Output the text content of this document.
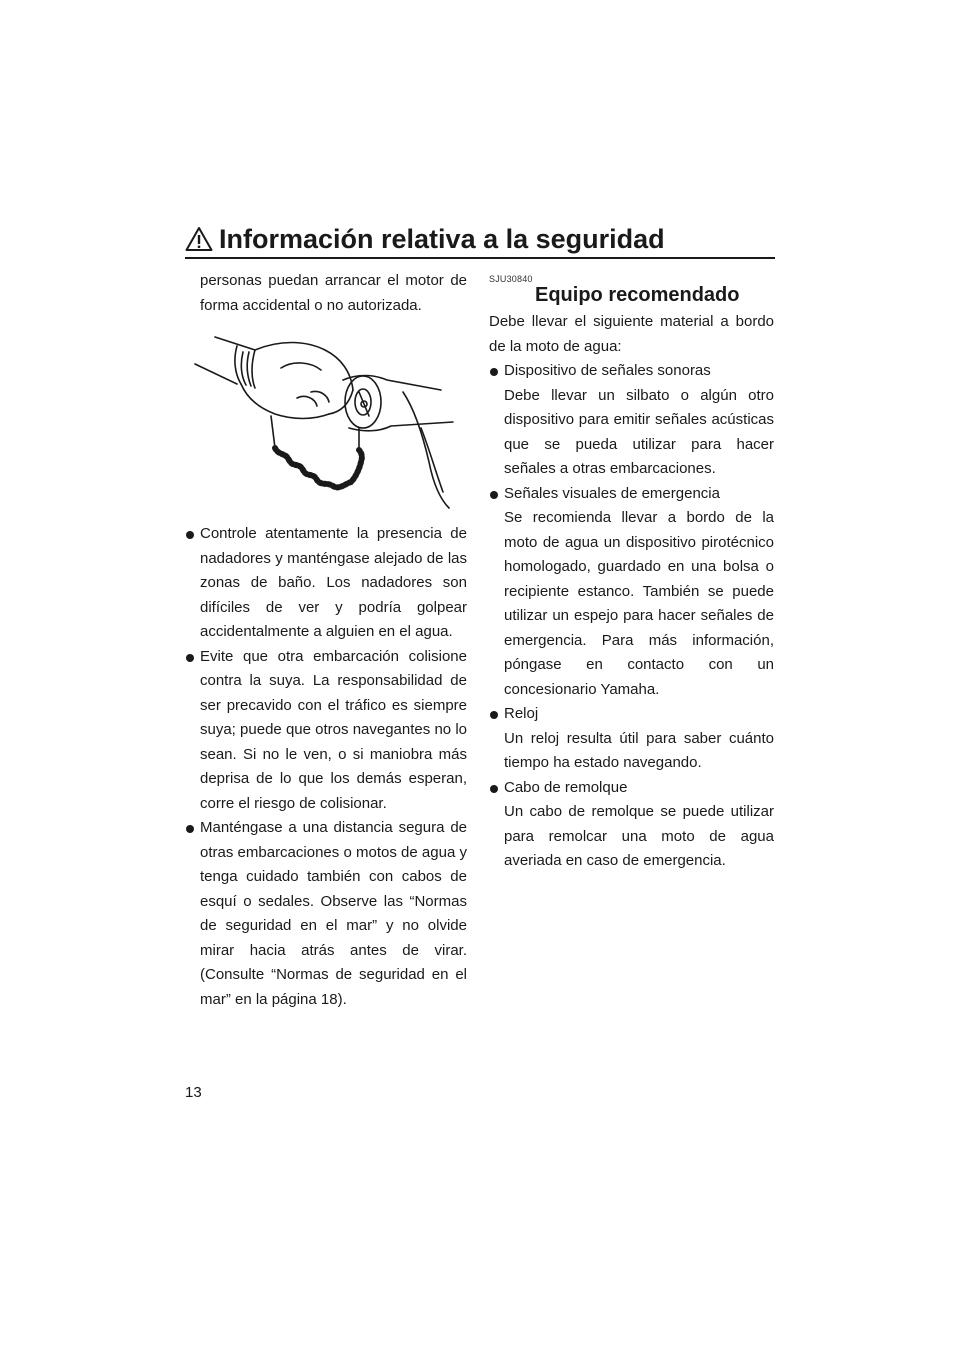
Información relativa a la seguridad
personas puedan arrancar el motor de forma accidental o no autorizada.
Controle atentamente la presencia de nadadores y manténgase alejado de las zonas de baño. Los nadadores son difíciles de ver y podría golpear accidentalmente a alguien en el agua.
Evite que otra embarcación colisione contra la suya. La responsabilidad de ser precavido con el tráfico es siempre suya; puede que otros navegantes no lo sean. Si no le ven, o si maniobra más deprisa de lo que los demás esperan, corre el riesgo de colisionar.
Manténgase a una distancia segura de otras embarcaciones o motos de agua y tenga cuidado también con cabos de esquí o sedales. Observe las “Normas de seguridad en el mar” y no olvide mirar hacia atrás antes de virar. (Consulte “Normas de seguridad en el mar” en la página 18).
SJU30840
Equipo recomendado
Debe llevar el siguiente material a bordo de la moto de agua:
Dispositivo de señales sonoras
Debe llevar un silbato o algún otro dispositivo para emitir señales acústicas que se pueda utilizar para hacer señales a otras embarcaciones.
Señales visuales de emergencia
Se recomienda llevar a bordo de la moto de agua un dispositivo pirotécnico homologado, guardado en una bolsa o recipiente estanco. También se puede utilizar un espejo para hacer señales de emergencia. Para más información, póngase en contacto con un concesionario Yamaha.
Reloj
Un reloj resulta útil para saber cuánto tiempo ha estado navegando.
Cabo de remolque
Un cabo de remolque se puede utilizar para remolcar una moto de agua averiada en caso de emergencia.
13
